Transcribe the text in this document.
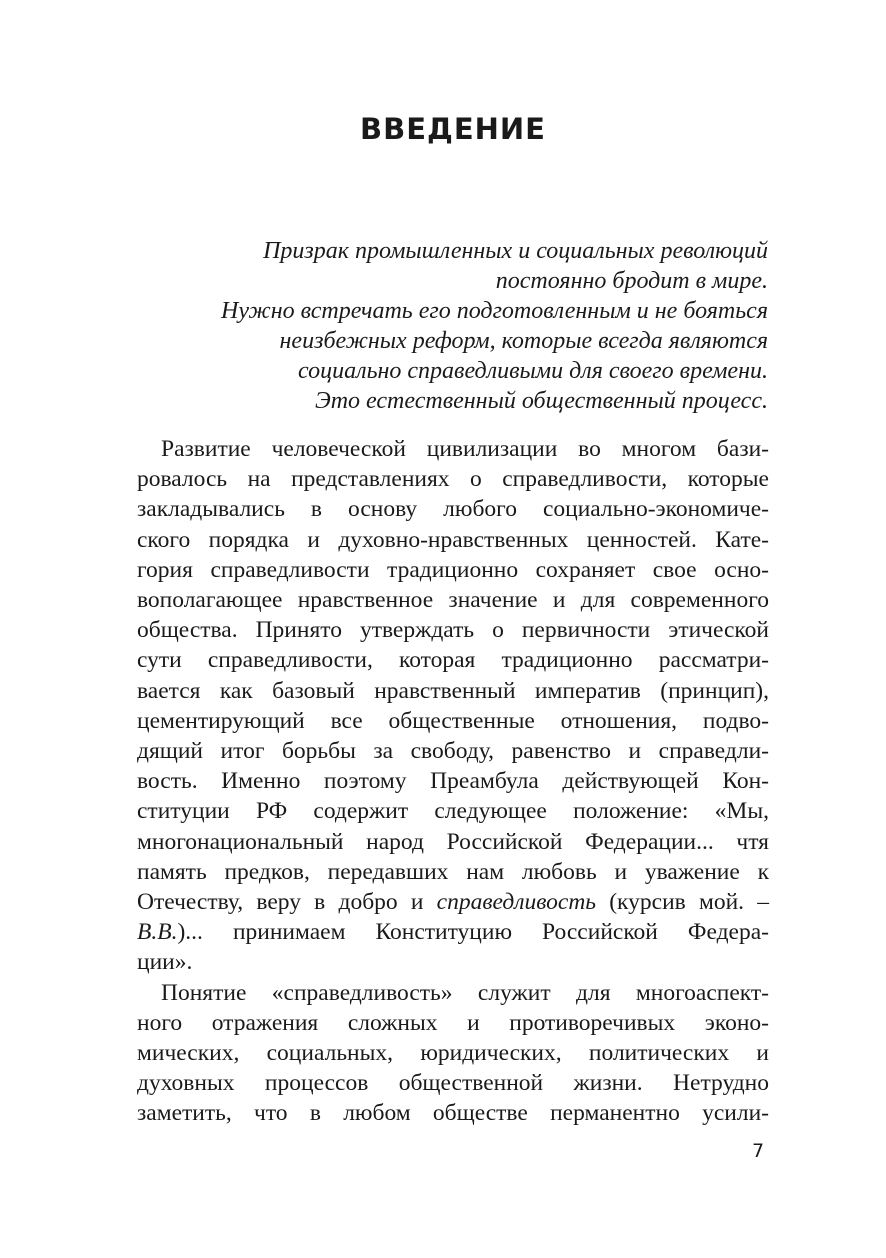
ВВЕДЕНИЕ
Призрак промышленных и социальных революций
постоянно бродит в мире.
Нужно встречать его подготовленным и не бояться
неизбежных реформ, которые всегда являются
социально справедливыми для своего времени.
Это естественный общественный процесс.
Развитие человеческой цивилизации во многом бази-
ровалось на представлениях о справедливости, которые
закладывались в основу любого социально-экономиче-
ского порядка и духовно-нравственных ценностей. Кате-
гория справедливости традиционно сохраняет свое осно-
вополагающее нравственное значение и для современного
общества. Принято утверждать о первичности этической
сути справедливости, которая традиционно рассматри-
вается как базовый нравственный императив (принцип),
цементирующий все общественные отношения, подво-
дящий итог борьбы за свободу, равенство и справедли-
вость. Именно поэтому Преамбула действующей Кон-
ституции РФ содержит следующее положение: «Мы,
многонациональный народ Российской Федерации... чтя
память предков, передавших нам любовь и уважение к
Отечеству, веру в добро и справедливость (курсив мой. –
В.В.)... принимаем Конституцию Российской Федера-
ции».
Понятие «справедливость» служит для многоаспект-
ного отражения сложных и противоречивых эконо-
мических, социальных, юридических, политических и
духовных процессов общественной жизни. Нетрудно
заметить, что в любом обществе перманентно усили-
7
